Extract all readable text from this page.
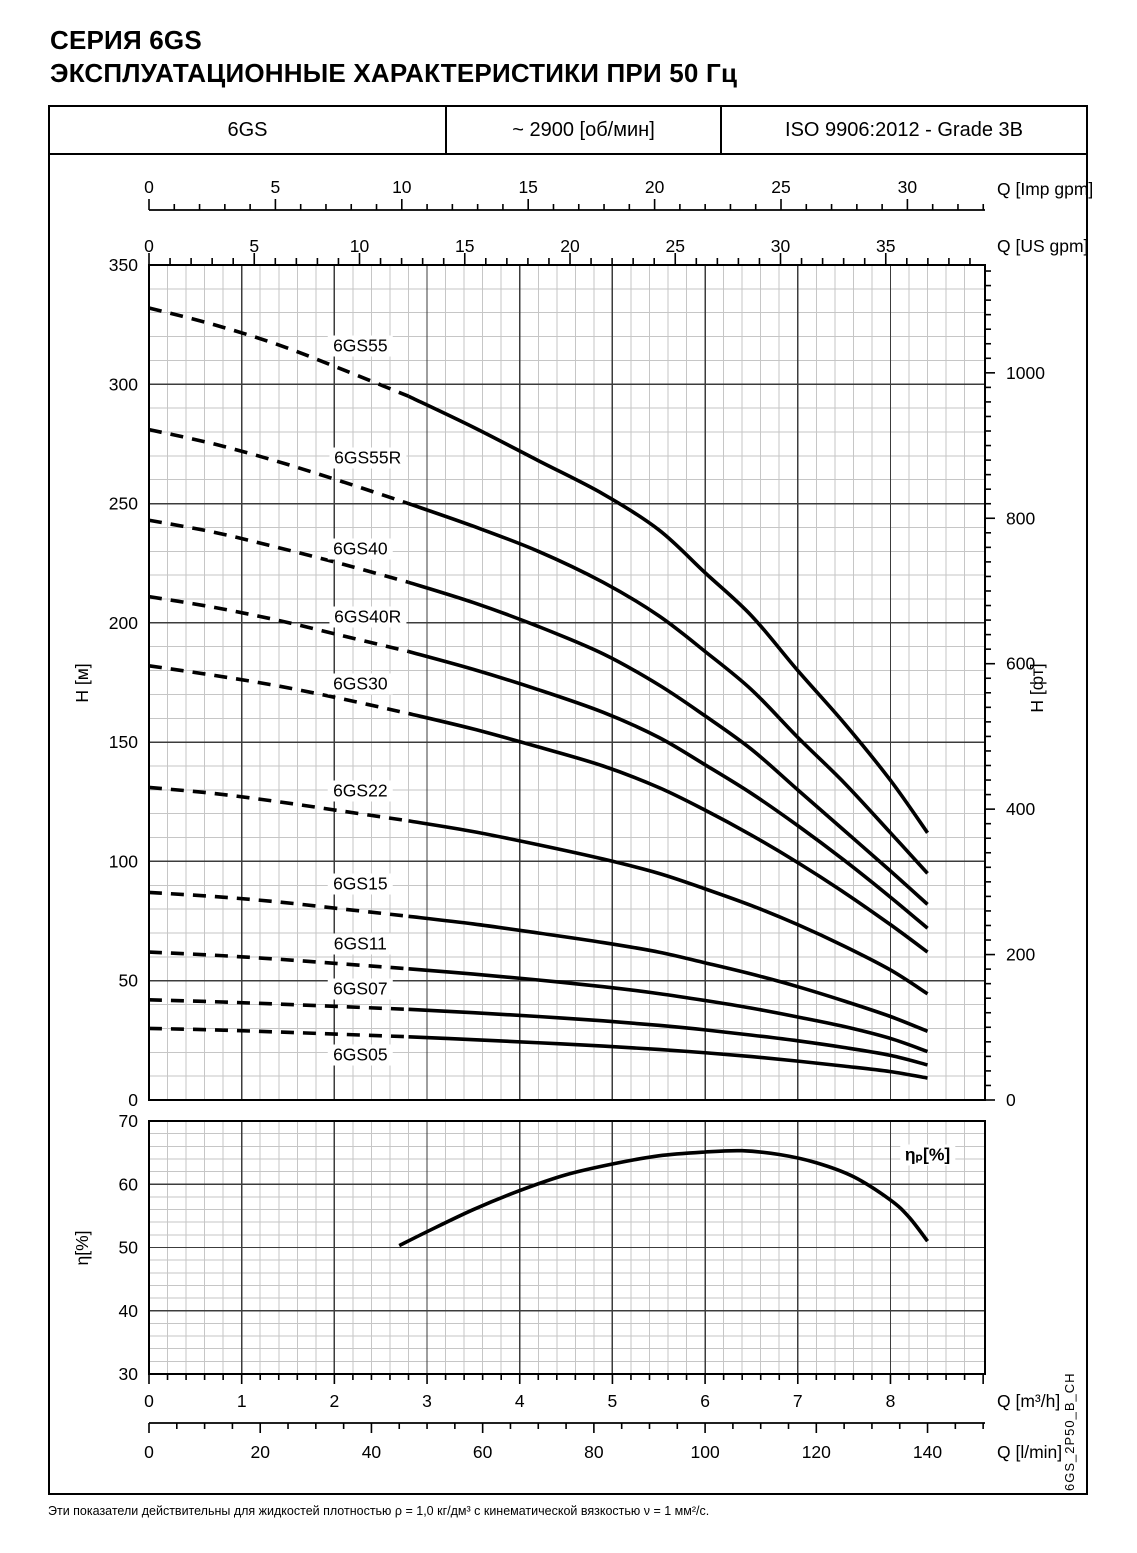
СЕРИЯ 6GS
ЭКСПЛУАТАЦИОННЫЕ ХАРАКТЕРИСТИКИ ПРИ 50 Гц
6GS	~ 2900 [об/мин]	ISO 9906:2012 - Grade 3B
0	5	10	15	20	25	30	Q [Imp gpm]
0	5	10	15	20	25	30	35	Q [US gpm]
0
50
100
150
200
250
300
350
H [м]
0
200
400
600
800
1000
H [фт]
30
40
50
60
70
η[%]
0	1	2	3	4	5	6	7	8	Q [m³/h]
0	20	40	60	80	100	120	140	Q [l/min]
6GS55
6GS55R
6GS40
6GS40R
6GS30
6GS22
6GS15
6GS11
6GS07
6GS05
ηₚ[%]
Эти показатели действительны для жидкостей плотностью ρ = 1,0 кг/дм³ с кинематической вязкостью ν = 1 мм²/с.
6GS_2P50_B_CH
